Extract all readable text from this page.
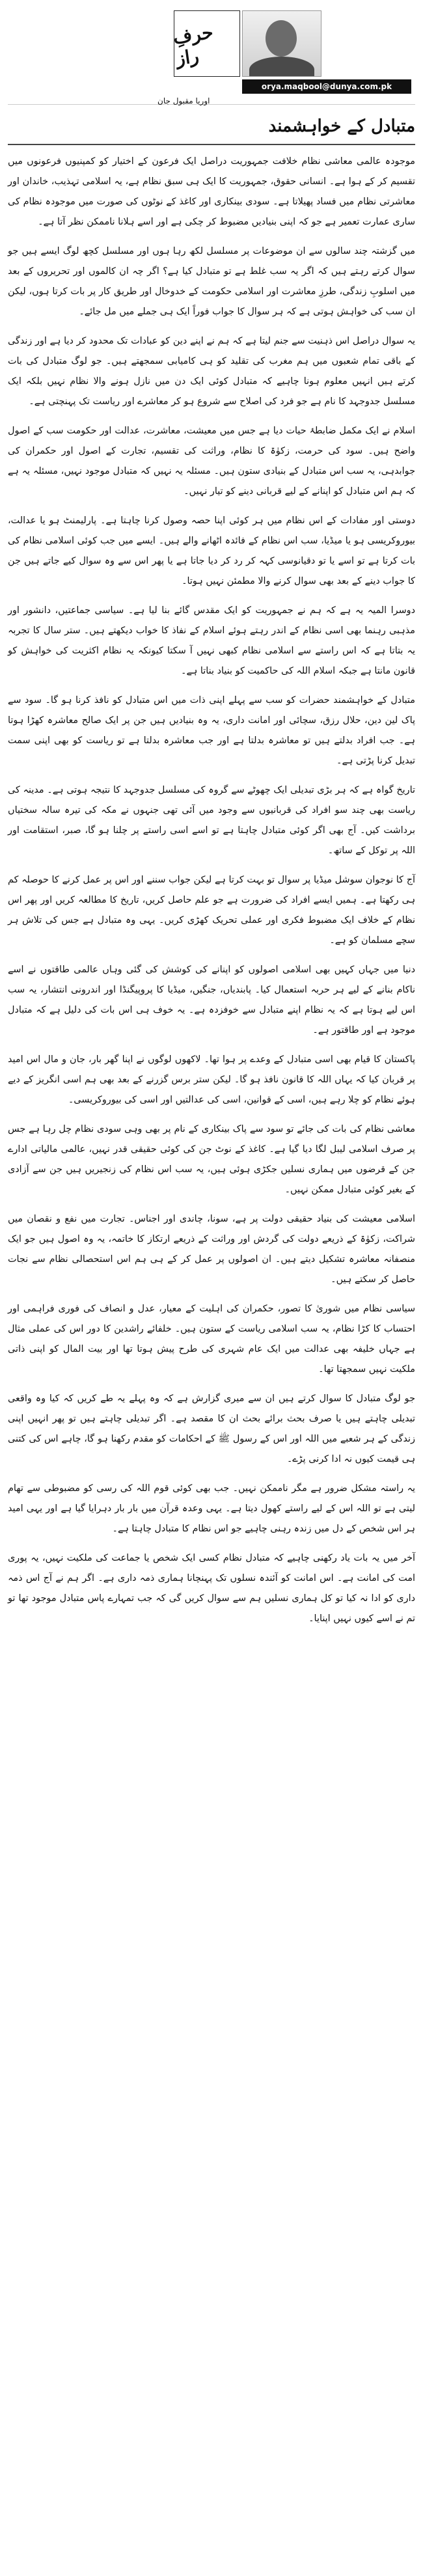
حرفِ راز
orya.maqbool@dunya.com.pk
اوریا مقبول جان
متبادل کے خواہشمند

موجودہ عالمی معاشی نظام خلافت جمہوریت دراصل ایک فرعون کے اختیار کو کمپنیوں فرعونوں میں تقسیم کر کے ہوا ہے۔ انسانی حقوق، جمہوریت کا ایک ہی سبق نظام ہے، یہ اسلامی تہذیب، خاندان اور معاشرتی نظام میں فساد پھیلاتا ہے۔ سودی بینکاری اور کاغذ کے نوٹوں کی صورت میں موجودہ نظام کی ساری عمارت تعمیر ہے جو کہ اپنی بنیادیں مضبوط کر چکی ہے اور اسے ہلانا ناممکن نظر آتا ہے۔

میں گزشتہ چند سالوں سے ان موضوعات پر مسلسل لکھ رہا ہوں اور مسلسل کچھ لوگ ایسے ہیں جو سوال کرتے رہتے ہیں کہ اگر یہ سب غلط ہے تو متبادل کیا ہے؟ اگر چہ ان کالموں اور تحریروں کے بعد میں اسلوبِ زندگی، طرزِ معاشرت اور اسلامی حکومت کے خدوخال اور طریق کار پر بات کرتا ہوں، لیکن ان سب کی خواہش ہوتی ہے کہ ہر سوال کا جواب فوراً ایک ہی جملے میں مل جائے۔

یہ سوال دراصل اس ذہنیت سے جنم لیتا ہے کہ ہم نے اپنے دین کو عبادات تک محدود کر دیا ہے اور زندگی کے باقی تمام شعبوں میں ہم مغرب کی تقلید کو ہی کامیابی سمجھتے ہیں۔ جو لوگ متبادل کی بات کرتے ہیں انہیں معلوم ہونا چاہیے کہ متبادل کوئی ایک دن میں نازل ہونے والا نظام نہیں بلکہ ایک مسلسل جدوجہد کا نام ہے جو فرد کی اصلاح سے شروع ہو کر معاشرے اور ریاست تک پہنچتی ہے۔

اسلام نے ایک مکمل ضابطۂ حیات دیا ہے جس میں معیشت، معاشرت، عدالت اور حکومت سب کے اصول واضح ہیں۔ سود کی حرمت، زکوٰۃ کا نظام، وراثت کی تقسیم، تجارت کے اصول اور حکمران کی جوابدہی، یہ سب اس متبادل کے بنیادی ستون ہیں۔ مسئلہ یہ نہیں کہ متبادل موجود نہیں، مسئلہ یہ ہے کہ ہم اس متبادل کو اپنانے کے لیے قربانی دینے کو تیار نہیں۔

دوستی اور مفادات کے اس نظام میں ہر کوئی اپنا حصہ وصول کرنا چاہتا ہے۔ پارلیمنٹ ہو یا عدالت، بیوروکریسی ہو یا میڈیا، سب اس نظام کے فائدہ اٹھانے والے ہیں۔ ایسے میں جب کوئی اسلامی نظام کی بات کرتا ہے تو اسے یا تو دقیانوسی کہہ کر رد کر دیا جاتا ہے یا پھر اس سے وہ سوال کیے جاتے ہیں جن کا جواب دینے کے بعد بھی سوال کرنے والا مطمئن نہیں ہوتا۔

دوسرا المیہ یہ ہے کہ ہم نے جمہوریت کو ایک مقدس گائے بنا لیا ہے۔ سیاسی جماعتیں، دانشور اور مذہبی رہنما بھی اسی نظام کے اندر رہتے ہوئے اسلام کے نفاذ کا خواب دیکھتے ہیں۔ ستر سال کا تجربہ یہ بتاتا ہے کہ اس راستے سے اسلامی نظام کبھی نہیں آ سکتا کیونکہ یہ نظام اکثریت کی خواہش کو قانون مانتا ہے جبکہ اسلام اللہ کی حاکمیت کو بنیاد بناتا ہے۔

متبادل کے خواہشمند حضرات کو سب سے پہلے اپنی ذات میں اس متبادل کو نافذ کرنا ہو گا۔ سود سے پاک لین دین، حلال رزق، سچائی اور امانت داری، یہ وہ بنیادیں ہیں جن پر ایک صالح معاشرہ کھڑا ہوتا ہے۔ جب افراد بدلتے ہیں تو معاشرہ بدلتا ہے اور جب معاشرہ بدلتا ہے تو ریاست کو بھی اپنی سمت تبدیل کرنا پڑتی ہے۔

تاریخ گواہ ہے کہ ہر بڑی تبدیلی ایک چھوٹے سے گروہ کی مسلسل جدوجہد کا نتیجہ ہوتی ہے۔ مدینہ کی ریاست بھی چند سو افراد کی قربانیوں سے وجود میں آئی تھی جنہوں نے مکہ کی تیرہ سالہ سختیاں برداشت کیں۔ آج بھی اگر کوئی متبادل چاہتا ہے تو اسے اسی راستے پر چلنا ہو گا، صبر، استقامت اور اللہ پر توکل کے ساتھ۔

آج کا نوجوان سوشل میڈیا پر سوال تو بہت کرتا ہے لیکن جواب سننے اور اس پر عمل کرنے کا حوصلہ کم ہی رکھتا ہے۔ ہمیں ایسے افراد کی ضرورت ہے جو علم حاصل کریں، تاریخ کا مطالعہ کریں اور پھر اس نظام کے خلاف ایک مضبوط فکری اور عملی تحریک کھڑی کریں۔ یہی وہ متبادل ہے جس کی تلاش ہر سچے مسلمان کو ہے۔

دنیا میں جہاں کہیں بھی اسلامی اصولوں کو اپنانے کی کوشش کی گئی وہاں عالمی طاقتوں نے اسے ناکام بنانے کے لیے ہر حربہ استعمال کیا۔ پابندیاں، جنگیں، میڈیا کا پروپیگنڈا اور اندرونی انتشار، یہ سب اس لیے ہوتا ہے کہ یہ نظام اپنے متبادل سے خوفزدہ ہے۔ یہ خوف ہی اس بات کی دلیل ہے کہ متبادل موجود ہے اور طاقتور ہے۔

پاکستان کا قیام بھی اسی متبادل کے وعدے پر ہوا تھا۔ لاکھوں لوگوں نے اپنا گھر بار، جان و مال اس امید پر قربان کیا کہ یہاں اللہ کا قانون نافذ ہو گا۔ لیکن ستر برس گزرنے کے بعد بھی ہم اسی انگریز کے دیے ہوئے نظام کو چلا رہے ہیں، اسی کے قوانین، اسی کی عدالتیں اور اسی کی بیوروکریسی۔

معاشی نظام کی بات کی جائے تو سود سے پاک بینکاری کے نام پر بھی وہی سودی نظام چل رہا ہے جس پر صرف اسلامی لیبل لگا دیا گیا ہے۔ کاغذ کے نوٹ جن کی کوئی حقیقی قدر نہیں، عالمی مالیاتی ادارے جن کے قرضوں میں ہماری نسلیں جکڑی ہوئی ہیں، یہ سب اس نظام کی زنجیریں ہیں جن سے آزادی کے بغیر کوئی متبادل ممکن نہیں۔

اسلامی معیشت کی بنیاد حقیقی دولت پر ہے، سونا، چاندی اور اجناس۔ تجارت میں نفع و نقصان میں شراکت، زکوٰۃ کے ذریعے دولت کی گردش اور وراثت کے ذریعے ارتکاز کا خاتمہ، یہ وہ اصول ہیں جو ایک منصفانہ معاشرہ تشکیل دیتے ہیں۔ ان اصولوں پر عمل کر کے ہی ہم اس استحصالی نظام سے نجات حاصل کر سکتے ہیں۔

سیاسی نظام میں شوریٰ کا تصور، حکمران کی اہلیت کے معیار، عدل و انصاف کی فوری فراہمی اور احتساب کا کڑا نظام، یہ سب اسلامی ریاست کے ستون ہیں۔ خلفائے راشدین کا دور اس کی عملی مثال ہے جہاں خلیفہ بھی عدالت میں ایک عام شہری کی طرح پیش ہوتا تھا اور بیت المال کو اپنی ذاتی ملکیت نہیں سمجھتا تھا۔

جو لوگ متبادل کا سوال کرتے ہیں ان سے میری گزارش ہے کہ وہ پہلے یہ طے کریں کہ کیا وہ واقعی تبدیلی چاہتے ہیں یا صرف بحث برائے بحث ان کا مقصد ہے۔ اگر تبدیلی چاہتے ہیں تو پھر انہیں اپنی زندگی کے ہر شعبے میں اللہ اور اس کے رسول ﷺ کے احکامات کو مقدم رکھنا ہو گا، چاہے اس کی کتنی ہی قیمت کیوں نہ ادا کرنی پڑے۔

یہ راستہ مشکل ضرور ہے مگر ناممکن نہیں۔ جب بھی کوئی قوم اللہ کی رسی کو مضبوطی سے تھام لیتی ہے تو اللہ اس کے لیے راستے کھول دیتا ہے۔ یہی وعدہ قرآن میں بار بار دہرایا گیا ہے اور یہی امید ہر اس شخص کے دل میں زندہ رہنی چاہیے جو اس نظام کا متبادل چاہتا ہے۔

آخر میں یہ بات یاد رکھنی چاہیے کہ متبادل نظام کسی ایک شخص یا جماعت کی ملکیت نہیں، یہ پوری امت کی امانت ہے۔ اس امانت کو آئندہ نسلوں تک پہنچانا ہماری ذمہ داری ہے۔ اگر ہم نے آج اس ذمہ داری کو ادا نہ کیا تو کل ہماری نسلیں ہم سے سوال کریں گی کہ جب تمہارے پاس متبادل موجود تھا تو تم نے اسے کیوں نہیں اپنایا۔
